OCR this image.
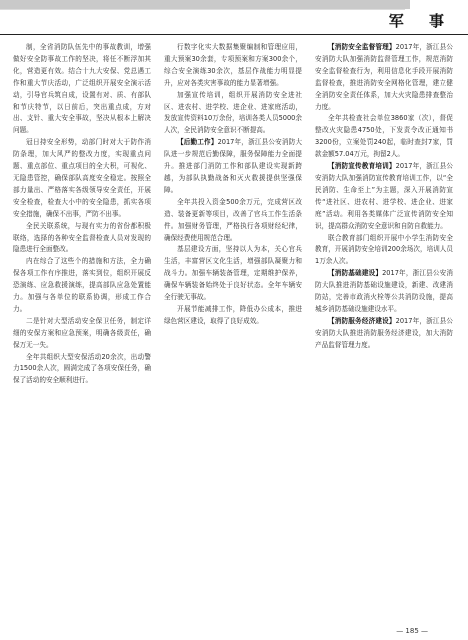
军 事

制，全省消防队伍先中的事故教训，增强做好安全防事故工作的坚决，将任不断浮加其化，营造更有效。结合十九大安保、党总遇工作和重大节庆活动，广泛组织开展安全演示活动，引导官兵筑自成，设置有对、质、有部队和节庆特节，以日前后，突出重点成，方对出、支针、重大安全事故，坚决从根本上解决问题。

冠日持安全形势，动部门时对大于防作消防条理，加大风严的整改力度，实现重点问题、重点部位、重点项目的全大积，可视化、无隐患管控，确保部队高度安全稳定。按照全部力量出、严格落实各级领导安全责任，开展安全检查，检查大小中的安全隐患，抓实各项安全措施，确保不出事，严防不出事。

全民关联系统，与现有实力的省份都积极联络，选择的各种安全监督检查人员对发现的隐患进行全面整改。

内在综合了这些个的措施和方法，全力确保各项工作有序推进，落实到位，组织开展反恐演练、应急救援演练，提高部队应急处置能力。加强与各单位的联系协调，形成工作合力。

二是针对大型活动安全保卫任务，制定详细的安保方案和应急预案，明确各级责任，确保万无一失。

全年共组织大型安保活动20余次，出动警力1500余人次，圆满完成了各项安保任务，确保了活动的安全顺利进行。

行数字化实大数据集聚编制和管理应用，重大预案30余套，专项预案和方案300余个，综合安全演练30余次，基层作战能力明显提升，应对各类灾害事故的能力显著增强。

加强宣传培训，组织开展消防安全进社区、进农村、进学校、进企业、进家庭活动，发放宣传资料10万余份，培训各类人员5000余人次，全民消防安全意识不断提高。

【后勤工作】2017年，浙江县公安消防大队进一步规范后勤保障，服务保障能力全面提升。推进部门消防工作和部队建设实现新跨越，为部队执勤战备和灭火救援提供坚强保障。

全年共投入资金500余万元，完成营区改造、装备更新等项目，改善了官兵工作生活条件。加强财务管理，严格执行各项财经纪律，确保经费使用规范合理。

基层建设方面，坚持以人为本，关心官兵生活，丰富营区文化生活，增强部队凝聚力和战斗力。加强车辆装备管理，定期维护保养，确保车辆装备始终处于良好状态。全年车辆安全行驶无事故。

开展节能减排工作，降低办公成本，推进绿色营区建设，取得了良好成效。

【消防安全监督管理】2017年，浙江县公安消防大队加强消防监督管理工作，规范消防安全监督检查行为，利用信息化手段开展消防监督检查，推进消防安全网格化管理，建立健全消防安全责任体系，加大火灾隐患排查整治力度。

全年共检查社会单位3860家（次），督促整改火灾隐患4750处，下发责令改正通知书3200份，立案处罚240起，临时查封7家，罚款金额57.04万元，拘留2人。

【消防宣传教育培训】2017年，浙江县公安消防大队加强消防宣传教育培训工作，以“全民消防、生命至上”为主题，深入开展消防宣传“进社区、进农村、进学校、进企业、进家庭”活动。利用各类媒体广泛宣传消防安全知识，提高群众消防安全意识和自防自救能力。

联合教育部门组织开展中小学生消防安全教育，开展消防安全培训200余场次，培训人员1万余人次。

【消防基础建设】2017年，浙江县公安消防大队推进消防基础设施建设，新建、改建消防站，完善市政消火栓等公共消防设施，提高城乡消防基础设施建设水平。

【消防服务经济建设】2017年，浙江县公安消防大队推进消防服务经济建设，加大消防产品监督管理力度。

— 185 —
